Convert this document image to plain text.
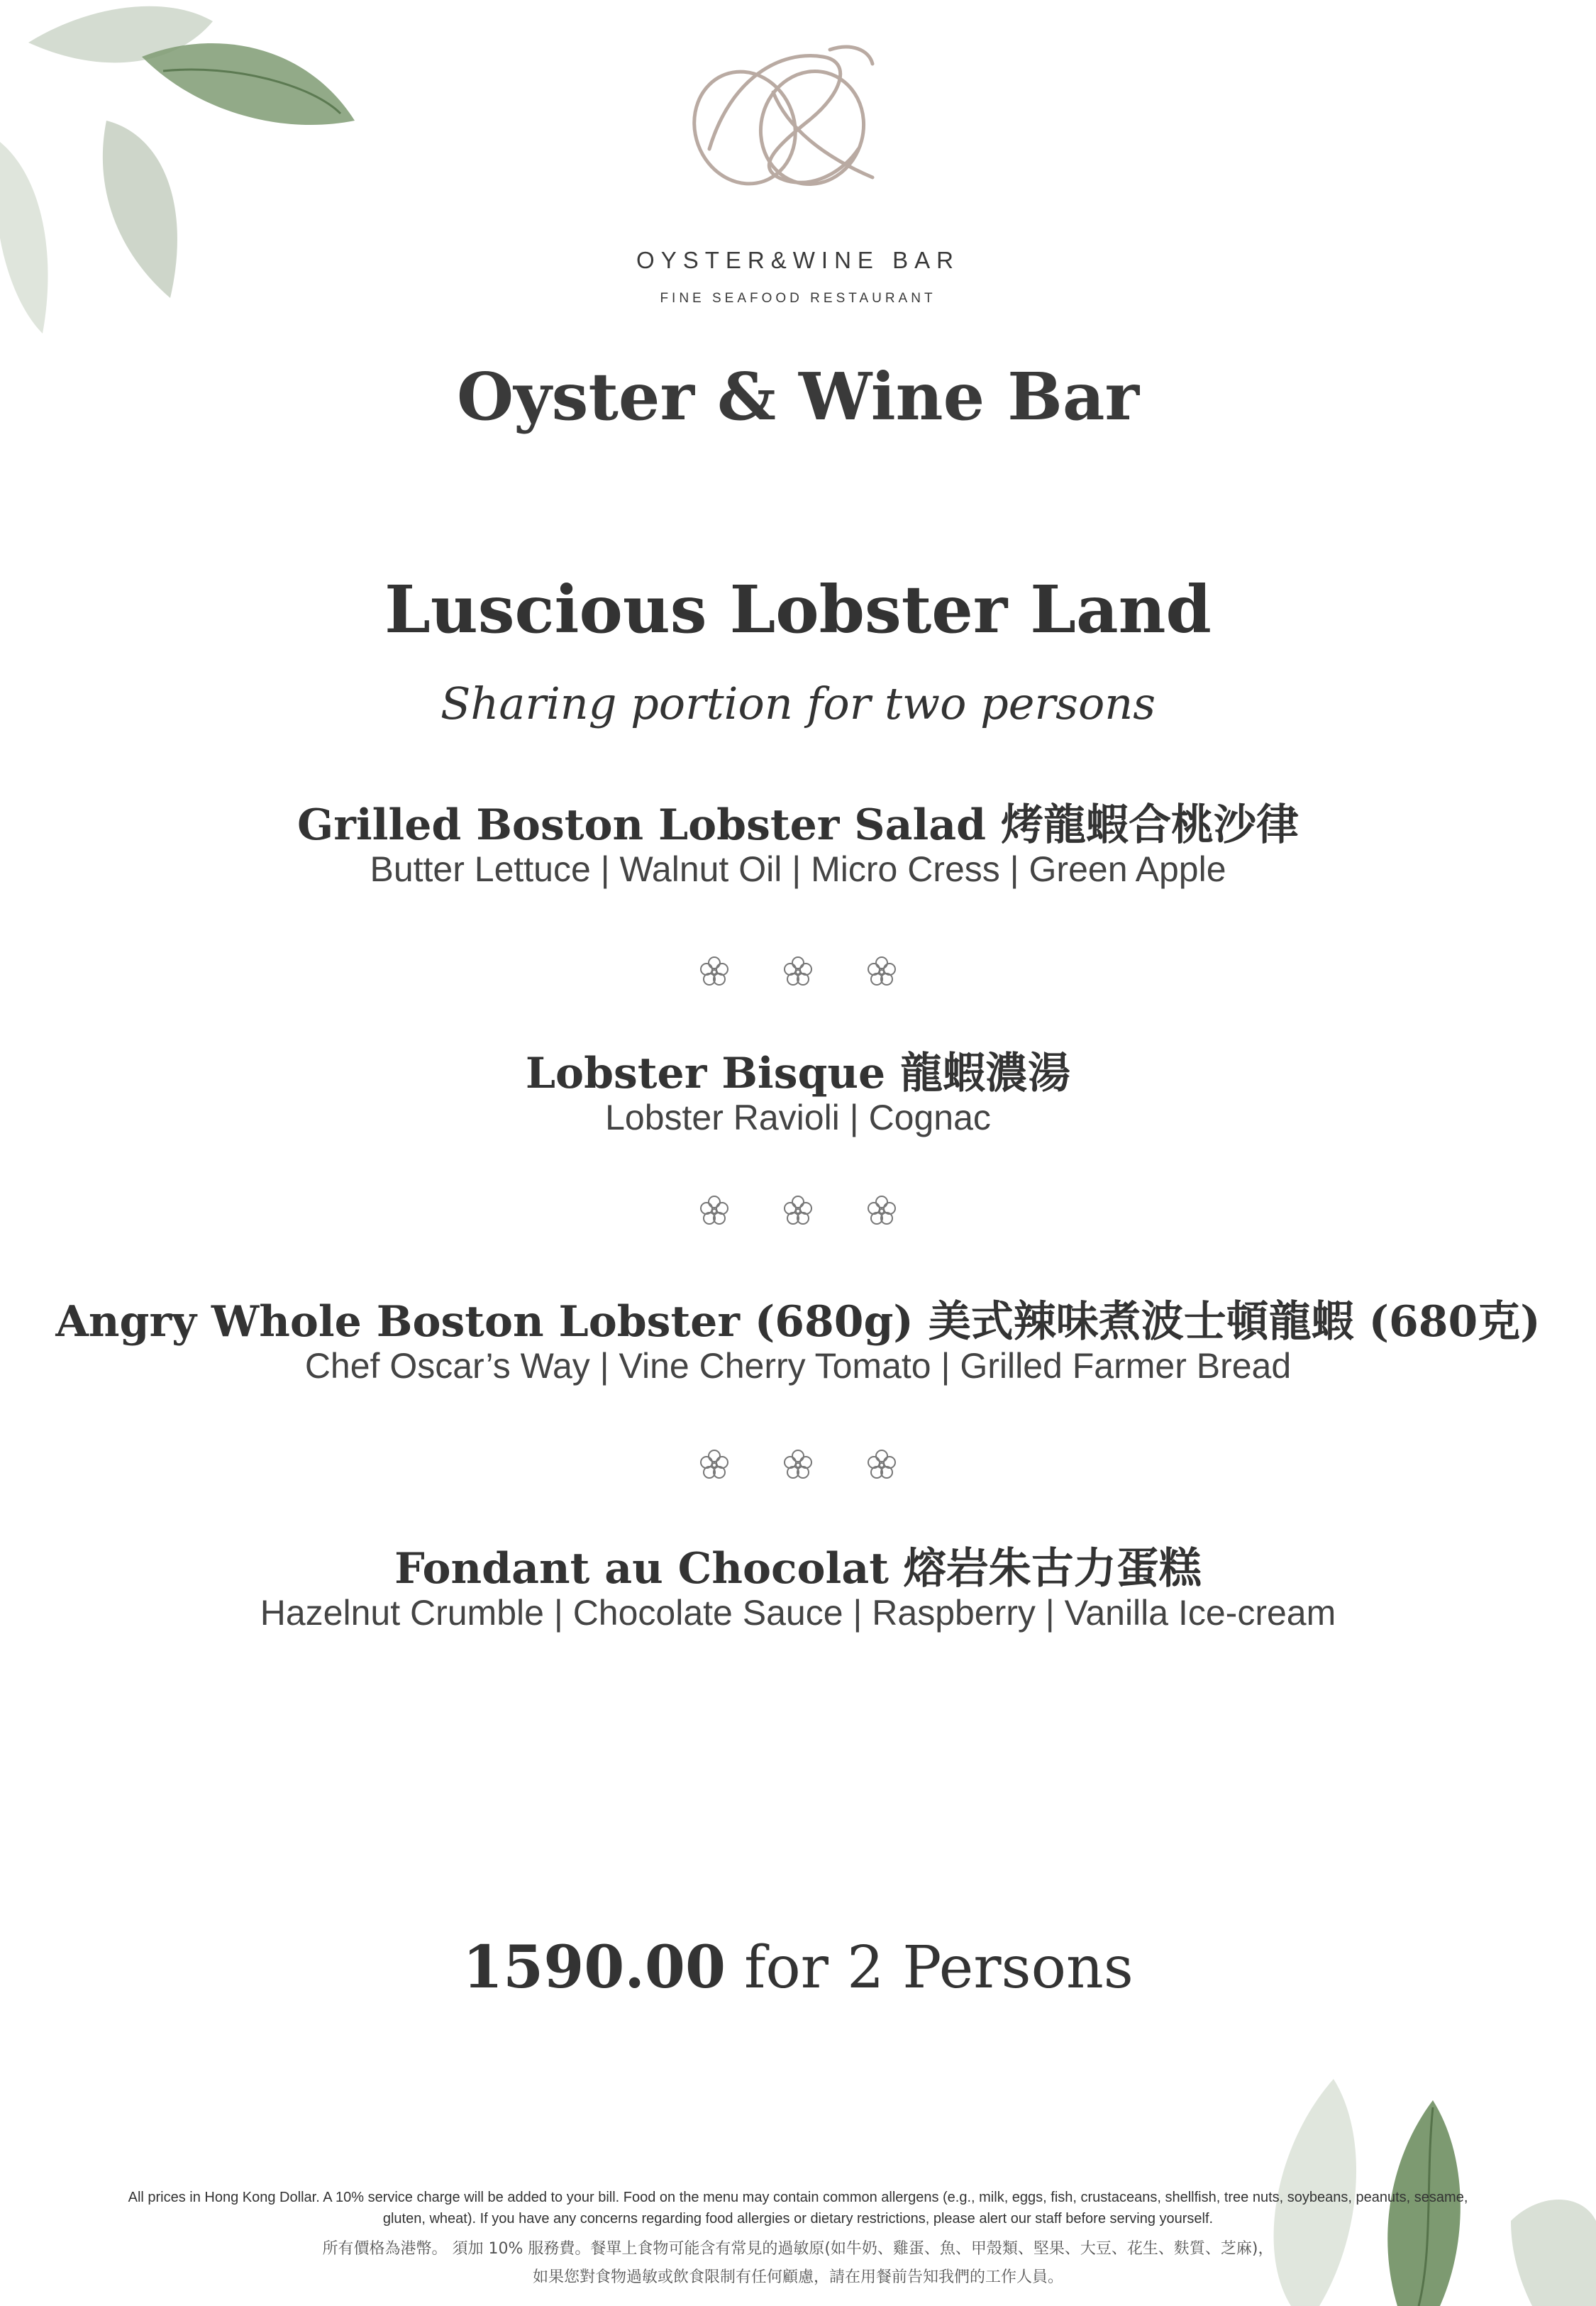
OYSTER&WINE BAR
FINE SEAFOOD RESTAURANT
Oyster & Wine Bar
Luscious Lobster Land
Sharing portion for two persons
Grilled Boston Lobster Salad 烤龍蝦合桃沙律
Butter Lettuce | Walnut Oil | Micro Cress | Green Apple
Lobster Bisque 龍蝦濃湯
Lobster Ravioli | Cognac
Angry Whole Boston Lobster (680g) 美式辣味煮波士頓龍蝦 (680克)
Chef Oscar’s Way | Vine Cherry Tomato | Grilled Farmer Bread
Fondant au Chocolat 熔岩朱古力蛋糕
Hazelnut Crumble | Chocolate Sauce | Raspberry | Vanilla Ice-cream
1590.00 for 2 Persons
All prices in Hong Kong Dollar. A 10% service charge will be added to your bill. Food on the menu may contain common allergens (e.g., milk, eggs, fish, crustaceans, shellfish, tree nuts, soybeans, peanuts, sesame,
gluten, wheat). If you have any concerns regarding food allergies or dietary restrictions, please alert our staff before serving yourself.
所有價格為港幣。 須加 10% 服務費。餐單上食物可能含有常見的過敏原(如牛奶、雞蛋、魚、甲殼類、堅果、大豆、花生、麩質、芝麻)，
如果您對食物過敏或飲食限制有任何顧慮，請在用餐前告知我們的工作人員。
